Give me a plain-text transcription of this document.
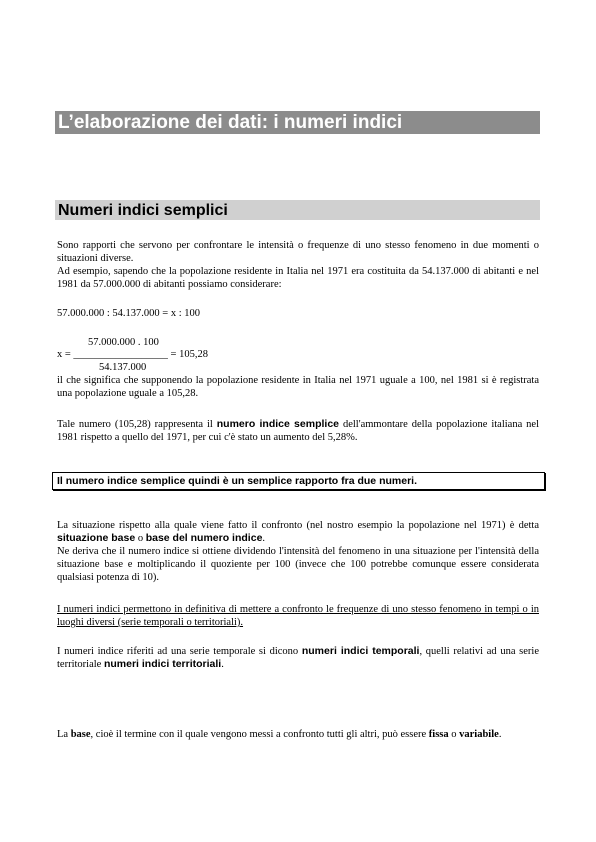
L’elaborazione dei dati: i numeri indici
Numeri indici semplici
Sono rapporti che servono per confrontare le intensità o frequenze di uno stesso fenomeno in due momenti o situazioni diverse.
Ad esempio, sapendo che la popolazione residente in Italia nel 1971 era costituita da 54.137.000 di abitanti e nel 1981 da 57.000.000 di abitanti possiamo considerare:
57.000.000 : 54.137.000 = x : 100
57.000.000 . 100
x = __________________ = 105,28
54.137.000
il che significa che supponendo la popolazione residente in Italia nel 1971 uguale a 100, nel 1981 si è registrata una popolazione uguale a 105,28.
Tale numero (105,28) rappresenta il numero indice semplice dell'ammontare della popolazione italiana nel 1981 rispetto a quello del 1971, per cui c'è stato un aumento del 5,28%.
Il numero indice semplice quindi è un semplice rapporto fra due numeri.
La situazione rispetto alla quale viene fatto il confronto (nel nostro esempio la popolazione nel 1971) è detta situazione base o base del numero indice.
Ne deriva che il numero indice si ottiene dividendo l'intensità del fenomeno in una situazione per l'intensità della situazione base e moltiplicando il quoziente per 100 (invece che 100 potrebbe comunque essere considerata qualsiasi potenza di 10).
I numeri indici permettono in definitiva di mettere a confronto le frequenze di uno stesso fenomeno in tempi o in luoghi diversi (serie temporali o territoriali).
I numeri indice riferiti ad una serie temporale si dicono numeri indici temporali, quelli relativi ad una serie territoriale numeri indici territoriali.
La base, cioè il termine con il quale vengono messi a confronto tutti gli altri, può essere fissa o variabile.
